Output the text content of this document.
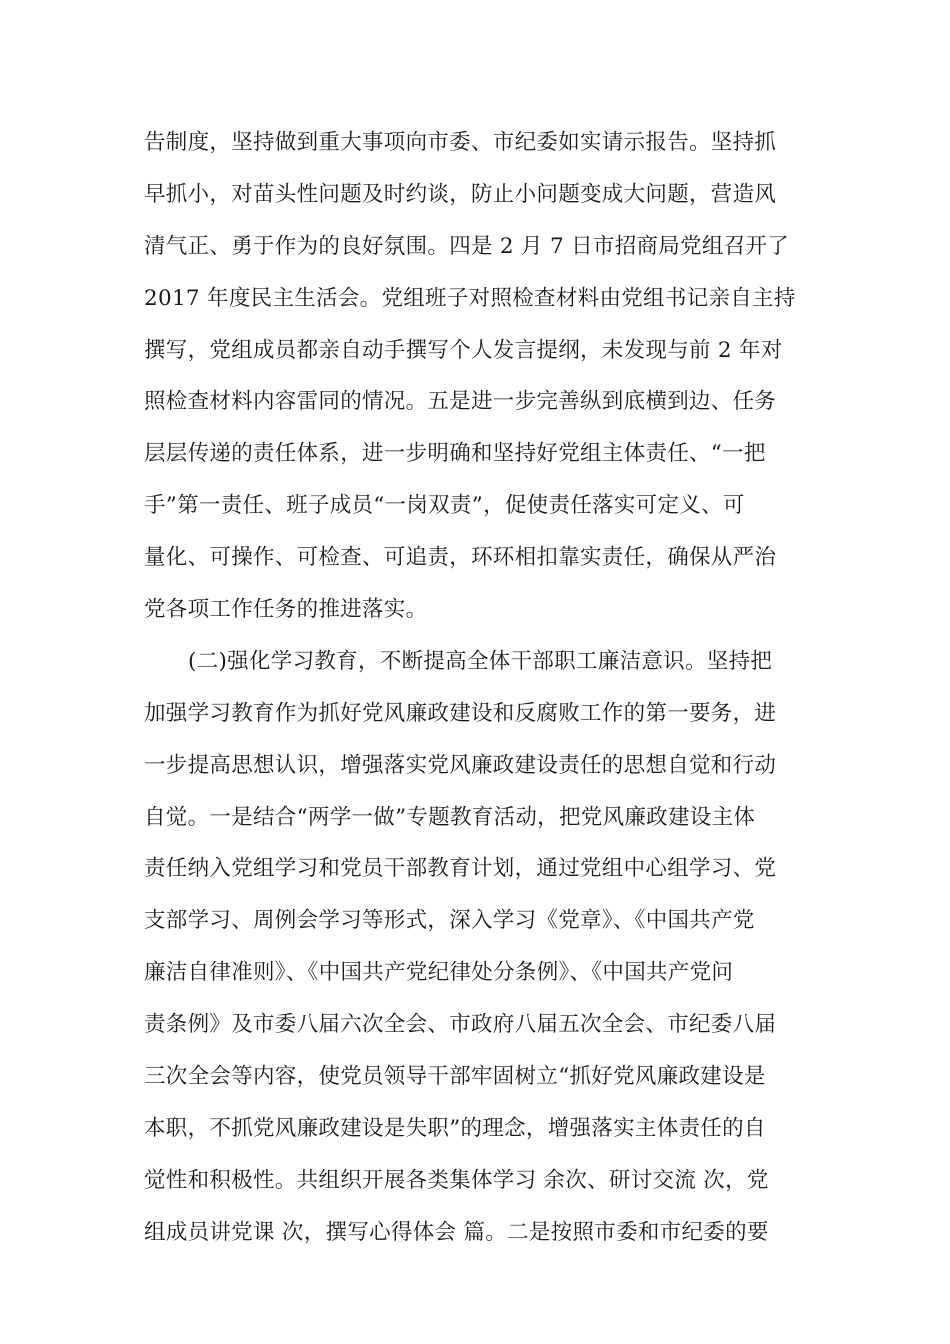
告制度，坚持做到重大事项向市委、市纪委如实请示报告。坚持抓
早抓小，对苗头性问题及时约谈，防止小问题变成大问题，营造风
清气正、勇于作为的良好氛围。四是 2 月 7 日市招商局党组召开了
2017 年度民主生活会。党组班子对照检查材料由党组书记亲自主持
撰写，党组成员都亲自动手撰写个人发言提纲，未发现与前 2 年对
照检查材料内容雷同的情况。五是进一步完善纵到底横到边、任务
层层传递的责任体系，进一步明确和坚持好党组主体责任、“一把
手”第一责任、班子成员“一岗双责”，促使责任落实可定义、可
量化、可操作、可检查、可追责，环环相扣靠实责任，确保从严治
党各项工作任务的推进落实。
(二)强化学习教育，不断提高全体干部职工廉洁意识。坚持把
加强学习教育作为抓好党风廉政建设和反腐败工作的第一要务，进
一步提高思想认识，增强落实党风廉政建设责任的思想自觉和行动
自觉。一是结合“两学一做”专题教育活动，把党风廉政建设主体
责任纳入党组学习和党员干部教育计划，通过党组中心组学习、党
支部学习、周例会学习等形式，深入学习《党章》、《中国共产党
廉洁自律准则》、《中国共产党纪律处分条例》、《中国共产党问
责条例》及市委八届六次全会、市政府八届五次全会、市纪委八届
三次全会等内容，使党员领导干部牢固树立“抓好党风廉政建设是
本职，不抓党风廉政建设是失职”的理念，增强落实主体责任的自
觉性和积极性。共组织开展各类集体学习 余次、研讨交流 次，党
组成员讲党课 次，撰写心得体会 篇。二是按照市委和市纪委的要
